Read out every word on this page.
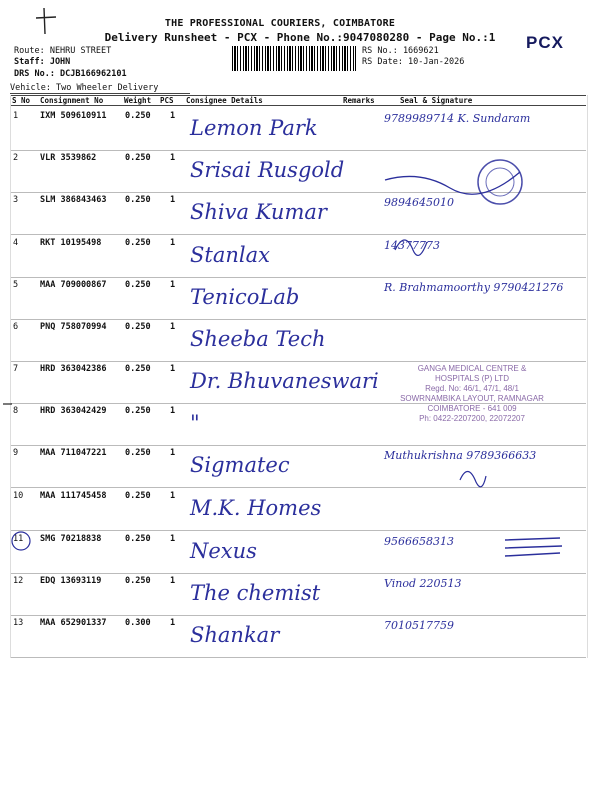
THE PROFESSIONAL COURIERS, COIMBATORE
Delivery Runsheet - PCX - Phone No.:9047080280 - Page No.:1	PCX
Route: NEHRU STREET
Staff: JOHN
DRS No.: DCJB166962101
RS No.: 1669621
RS Date: 10-Jan-2026
Vehicle: Two Wheeler Delivery
S No Consignment No	Weight PCS Consignee Details	Remarks	Seal & Signature
1	IXM 509610911 0.250 1 Lemon Park	9789989714 K. Sundaram
2	VLR 3539862	0.250 1 Srisai Rusgold
3	SLM 386843463 0.250 1 Shiva Kumar	9894645010
4	RKT 10195498	0.250 1 Stanlax	14377773
5	MAA 709000867 0.250 1 TenicoLab	R. Brahmamoorthy 9790421276
6	PNQ 758070994 0.250 1 Sheeba Tech
7	HRD 363042386 0.250 1 Dr. Bhuvaneswari
8	HRD 363042429 0.250 1 "
9	MAA 711047221 0.250 1 Sigmatec	Muthukrishna 9789366633
10 MAA 111745458 0.250 1 M.K. Homes
11 SMG 70218838	0.250 1 Nexus	9566658313
12 EDQ 13693119	0.250 1 The chemist	Vinod 220513
13 MAA 652901337 0.300 1 Shankar	7010517759
GANGA MEDICAL CENTRE &
HOSPITALS (P) LTD
Regd. No: 46/1, 47/1, 48/1
SOWRNAMBIKA LAYOUT, RAMNAGAR
COIMBATORE - 641 009
Ph: 0422-2207200, 22072207
